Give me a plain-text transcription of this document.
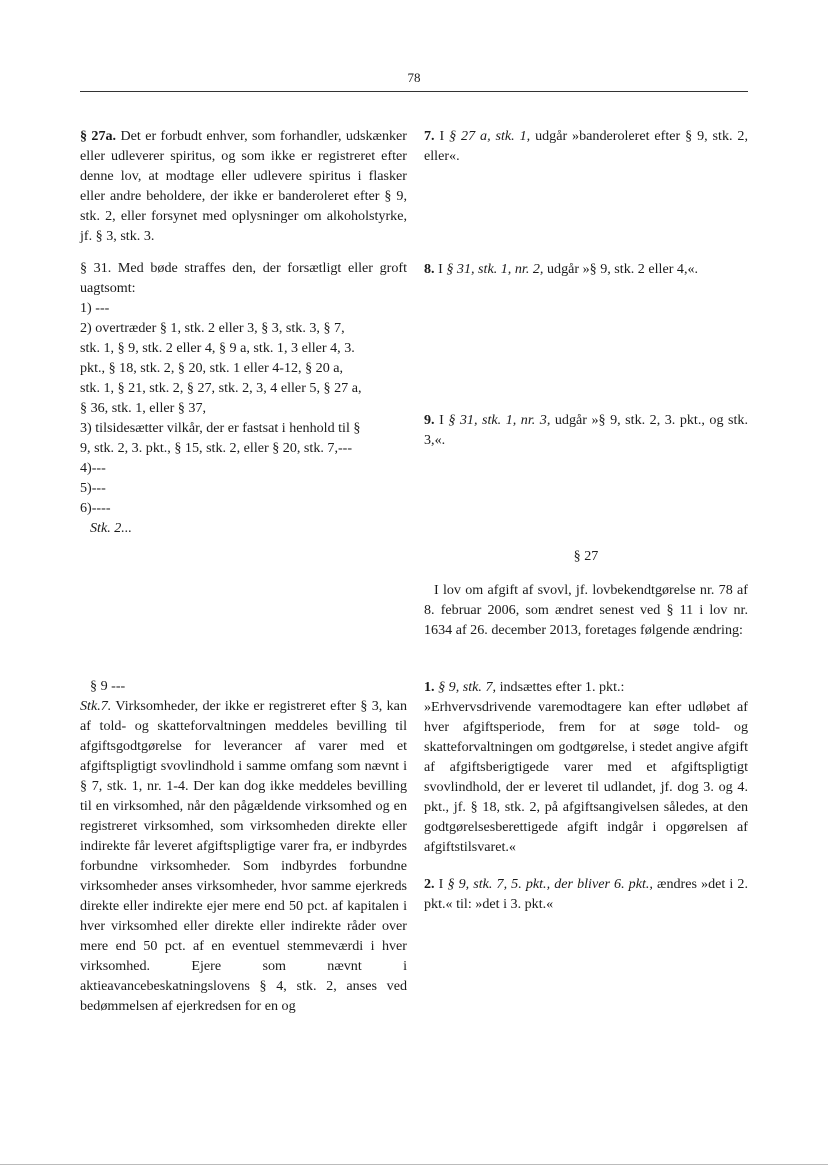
78

§ 27a. Det er forbudt enhver, som forhandler, udskænker eller udleverer spiritus, og som ikke er registreret efter denne lov, at modtage eller udlevere spiritus i flasker eller andre beholdere, der ikke er banderoleret efter § 9, stk. 2, eller forsynet med oplysninger om alkoholstyrke, jf. § 3, stk. 3.

§ 31. Med bøde straffes den, der forsætligt eller groft uagtsomt:
1) ---
2) overtræder § 1, stk. 2 eller 3, § 3, stk. 3, § 7,
stk. 1, § 9, stk. 2 eller 4, § 9 a, stk. 1, 3 eller 4, 3.
pkt., § 18, stk. 2, § 20, stk. 1 eller 4-12, § 20 a,
stk. 1, § 21, stk. 2, § 27, stk. 2, 3, 4 eller 5, § 27 a,
§ 36, stk. 1, eller § 37,
3) tilsidesætter vilkår, der er fastsat i henhold til §
9, stk. 2, 3. pkt., § 15, stk. 2, eller § 20, stk. 7,---
4)---
5)---
6)----
Stk. 2...
§ 9 ---

Stk.7. Virksomheder, der ikke er registreret efter § 3, kan af told- og skatteforvaltningen meddeles bevilling til afgiftsgodtgørelse for leverancer af varer med et afgiftspligtigt svovlindhold i samme omfang som nævnt i § 7, stk. 1, nr. 1-4. Der kan dog ikke meddeles bevilling til en virksomhed, når den pågældende virksomhed og en registreret virksomhed, som virksomheden direkte eller indirekte får leveret afgiftspligtige varer fra, er indbyrdes forbundne virksomheder. Som indbyrdes forbundne virksomheder anses virksomheder, hvor samme ejerkreds direkte eller indirekte ejer mere end 50 pct. af kapitalen i hver virksomhed eller direkte eller indirekte råder over mere end 50 pct. af en eventuel stemmeværdi i hver virksomhed. Ejere som nævnt i aktieavancebeskatningslovens § 4, stk. 2, anses ved bedømmelsen af ejerkredsen for en og

7. I § 27 a, stk. 1, udgår »banderoleret efter § 9, stk. 2, eller«.

8. I § 31, stk. 1, nr. 2, udgår »§ 9, stk. 2 eller 4,«.

9. I § 31, stk. 1, nr. 3, udgår »§ 9, stk. 2, 3. pkt., og stk. 3,«.

§ 27

I lov om afgift af svovl, jf. lovbekendtgørelse nr. 78 af 8. februar 2006, som ændret senest ved § 11 i lov nr. 1634 af 26. december 2013, foretages følgende ændring:

1. § 9, stk. 7, indsættes efter 1. pkt.:
»Erhvervsdrivende varemodtagere kan efter udløbet af hver afgiftsperiode, frem for at søge told- og skatteforvaltningen om godtgørelse, i stedet angive afgift af afgiftsberigtigede varer med et afgiftspligtigt svovlindhold, der er leveret til udlandet, jf. dog 3. og 4. pkt., jf. § 18, stk. 2, på afgiftsangivelsen således, at den godtgørelsesberettigede afgift indgår i opgørelsen af afgiftstilsvaret.«

2. I § 9, stk. 7, 5. pkt., der bliver 6. pkt., ændres »det i 2. pkt.« til: »det i 3. pkt.«
